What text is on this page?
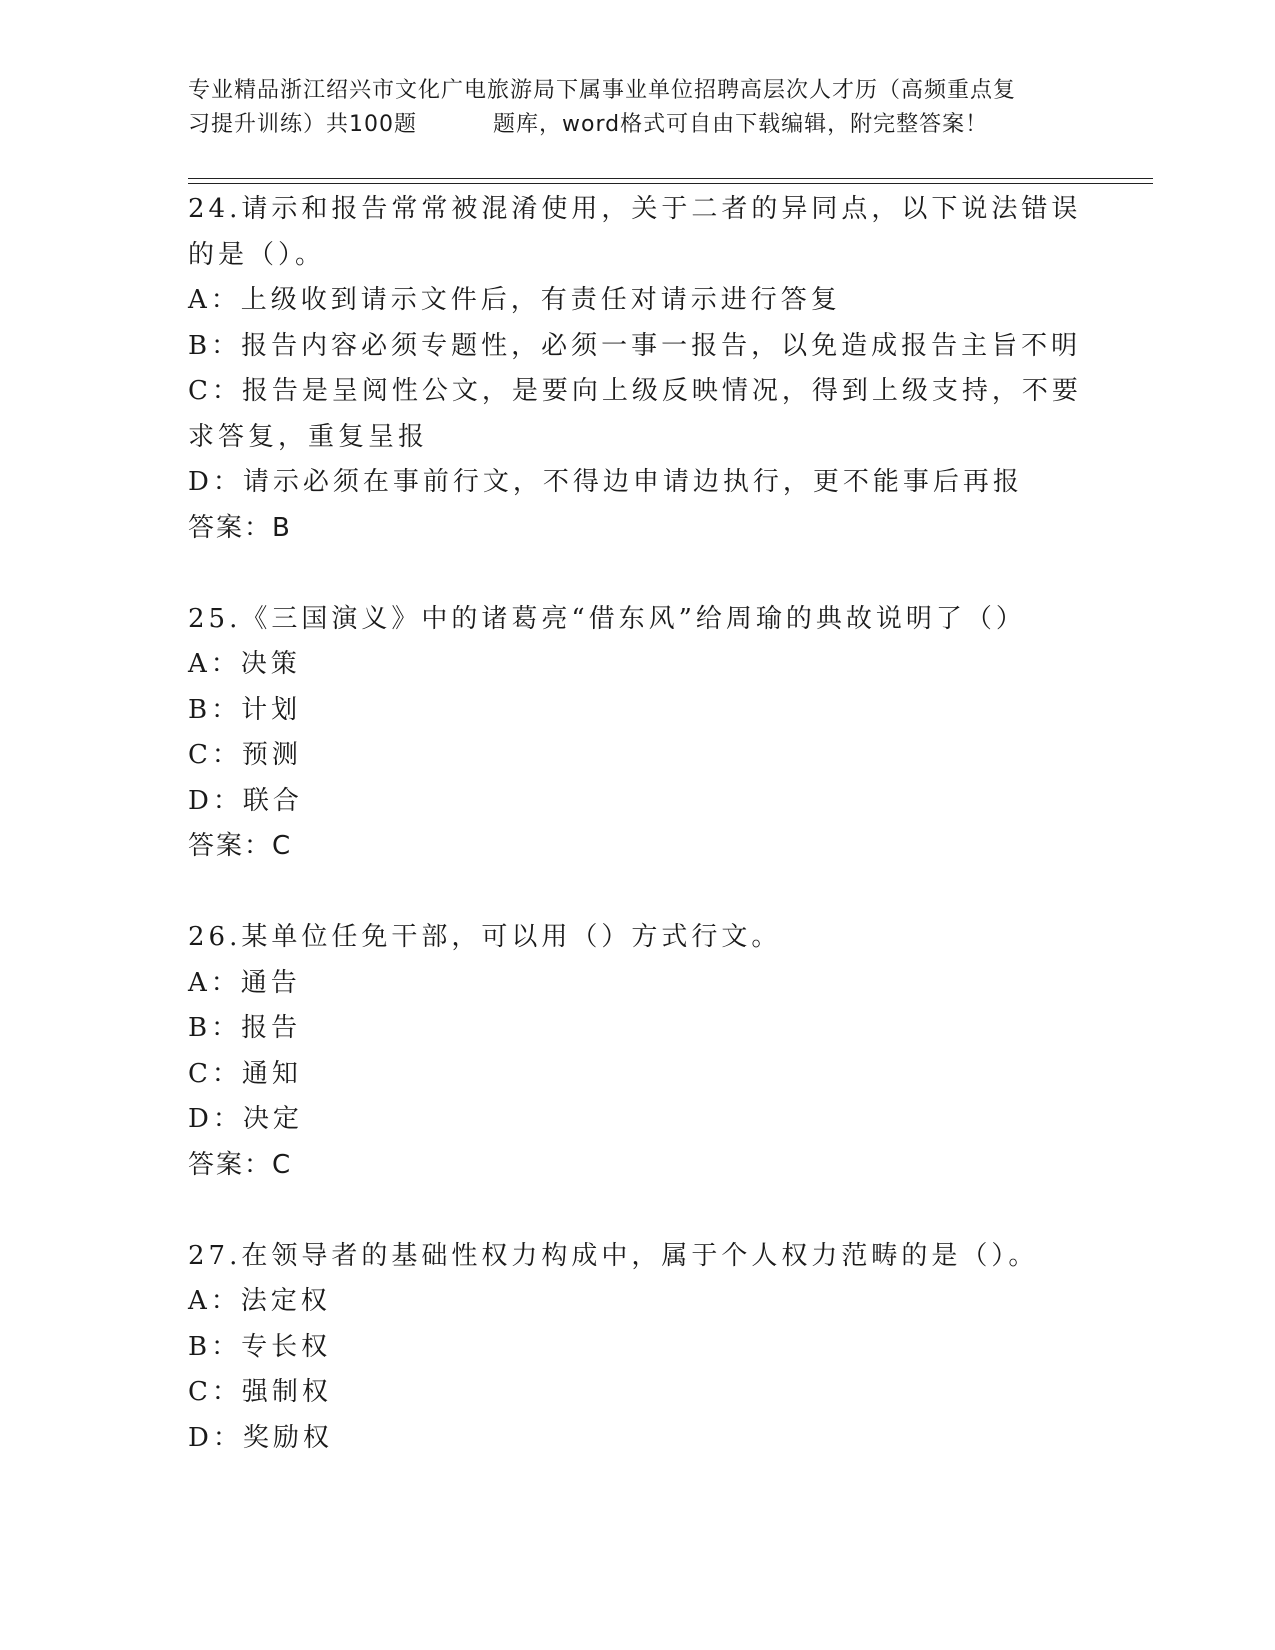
专业精品浙江绍兴市文化广电旅游局下属事业单位招聘高层次人才历（高频重点复
习提升训练）共100题	题库，word格式可自由下载编辑，附完整答案！

24.请示和报告常常被混淆使用，关于二者的异同点，以下说法错误的是（）。

A：上级收到请示文件后，有责任对请示进行答复

B：报告内容必须专题性，必须一事一报告，以免造成报告主旨不明

C：报告是呈阅性公文，是要向上级反映情况，得到上级支持，不要求答复，重复呈报

D：请示必须在事前行文，不得边申请边执行，更不能事后再报

答案：B

25.《三国演义》中的诸葛亮“借东风”给周瑜的典故说明了（）

A：决策

B：计划

C：预测

D：联合

答案：C

26.某单位任免干部，可以用（）方式行文。

A：通告

B：报告

C：通知

D：决定

答案：C

27.在领导者的基础性权力构成中，属于个人权力范畴的是（）。

A：法定权

B：专长权

C：强制权

D：奖励权
